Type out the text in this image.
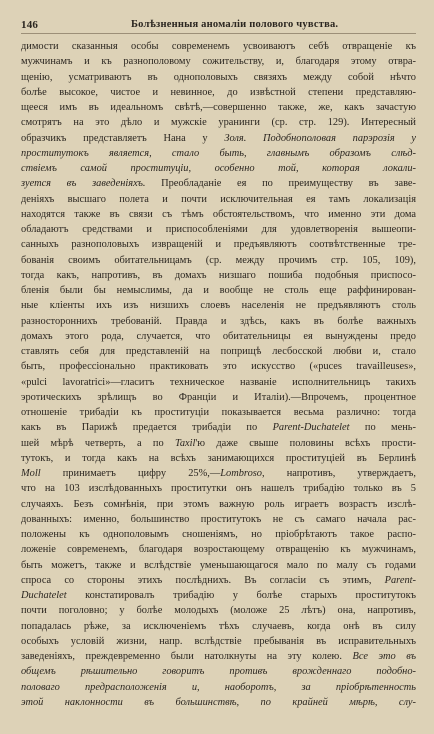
146	Болѣзненныя аномаліи полового чувства.
димости сказанныя особы современемъ усвоиваютъ себѣ отвращеніе къ
мужчинамъ и къ разнополовому сожительству, и, благодаря этому отвра-
щенію, усматриваютъ въ однополовыхъ связяхъ между собой нѣчто
болѣе высокое, чистое и невинное, до извѣстной степени представляю-
щееся имъ въ идеальномъ свѣтѣ,—совершенно также, же, какъ зачастую
смотрятъ на это дѣло и мужскіе уранинги (ср. стр. 129). Интересный
образчикъ представляетъ Нана у Золя. Подобнополовая парэрозія у
проститутокъ является, стало быть, главнымъ образомъ слѣд-
ствіемъ самой проституціи, особенно той, которая локали-
зуется въ заведеніяхъ. Преобладаніе ея по преимуществу въ заве-
деніяхъ высшаго полета и почти исключительная ея тамъ локализація
находятся также въ связи съ тѣмъ обстоятельствомъ, что именно эти дома
обладаютъ средствами и приспособленіями для удовлетворенія вышеопи-
санныхъ разнополовыхъ извращеній и предъявляютъ соотвѣтственные тре-
бованія своимъ обитательницамъ (ср. между прочимъ стр. 105, 109),
тогда какъ, напротивъ, въ домахъ низшаго пошиба подобныя приспосо-
бленія были бы немыслимы, да и вообще не столь еще раффинирован-
ные кліенты ихъ изъ низшихъ слоевъ населенія не предъявляютъ столь
разностороннихъ требованій. Правда и здѣсь, какъ въ болѣе важныхъ
домахъ этого рода, случается, что обитательницы ея вынуждены предо
ставлять себя для представленій на поприщѣ лесбосской любви и, стало
быть, профессіонально практиковать это искусство («puces travailleuses»,
«pulci lavoratrici»—гласитъ техническое названіе исполнительницъ такихъ
эротическихъ зрѣлищъ во Франціи и Италіи).—Впрочемъ, процентное
отношеніе трибадіи къ проституціи показывается весьма различно: тогда
какъ въ Парижѣ предается трибадіи по Parent-Duchatelet по мень-
шей мѣрѣ четверть, а по Taxil'ю даже свыше половины всѣхъ прости-
тутокъ, и тогда какъ на всѣхъ занимающихся проституціей въ Берлинѣ
Moll принимаетъ цифру 25%,—Lombroso, напротивъ, утверждаетъ,
что на 103 изслѣдованныхъ проститутки онъ нашелъ трибадію только въ 5
случаяхъ. Безъ сомнѣнія, при этомъ важную роль играетъ возрастъ изслѣ-
дованныхъ: именно, большинство проститутокъ не съ самаго начала рас-
положены къ однополовымъ сношеніямъ, но пріобрѣтаютъ такое распо-
ложеніе современемъ, благодаря возростающему отвращенію къ мужчинамъ,
быть можетъ, также и вслѣдствіе уменьшающагося мало по малу съ годами
спроса со стороны этихъ послѣднихъ. Въ согласіи съ этимъ, Parent-
Duchatelet констатировалъ трибадію у болѣе старыхъ проститутокъ
почти поголовно; у болѣе молодыхъ (моложе 25 лѣтъ) она, напротивъ,
попадалась рѣже, за исключеніемъ тѣхъ случаевъ, когда онѣ въ силу
особыхъ условій жизни, напр. вслѣдствіе пребыванія въ исправительныхъ
заведеніяхъ, преждевременно были натолкнуты на эту колею. Все это въ
общемъ рѣшительно говоритъ противъ врожденнаго подобно-
половаго предрасположенія и, наоборотъ, за пріобрѣтенность
этой наклонности въ большинствѣ, по крайней мѣрѣ, слу-
